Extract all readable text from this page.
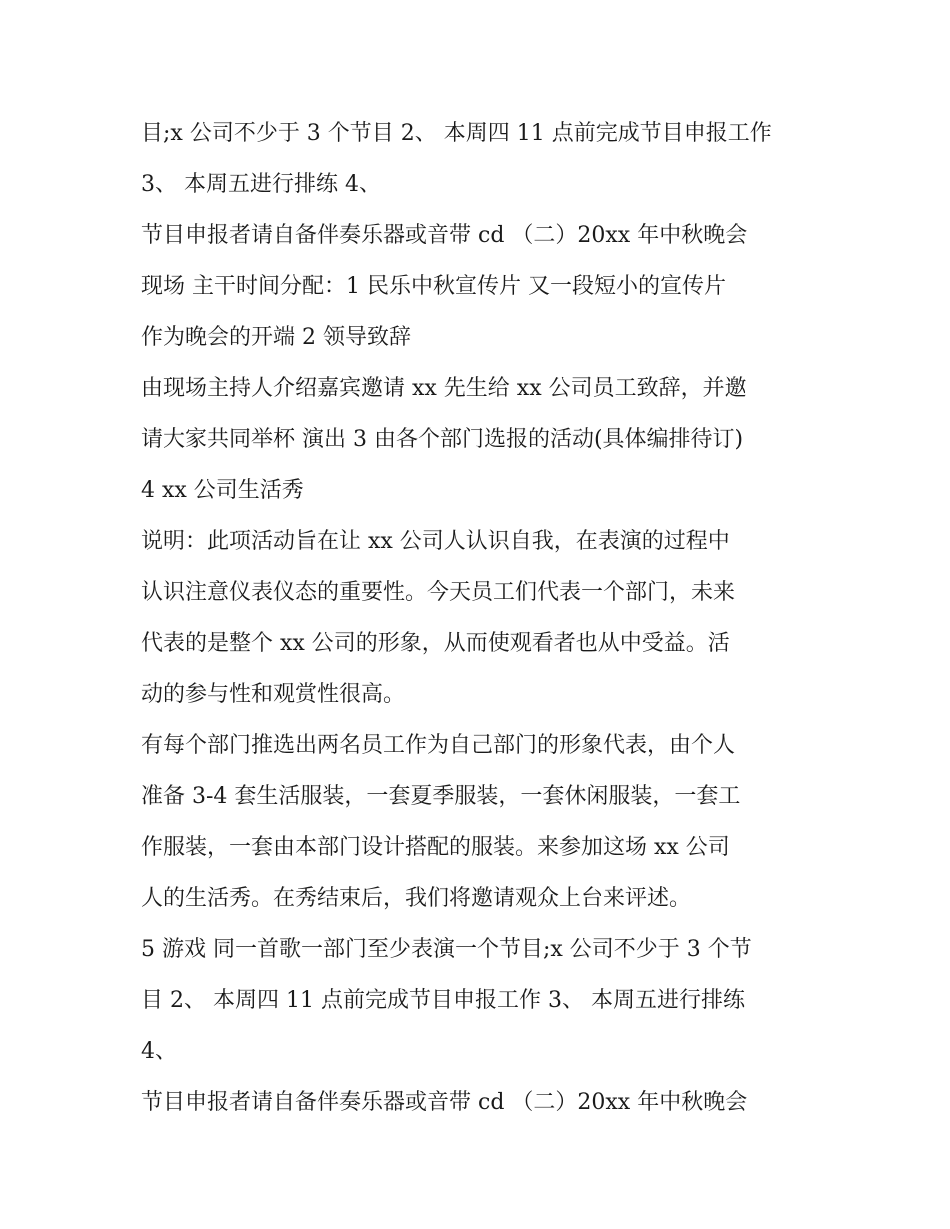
目;x 公司不少于 3 个节目 2、 本周四 11 点前完成节目申报工作
3、 本周五进行排练 4、
节目申报者请自备伴奏乐器或音带 cd （二）20xx 年中秋晚会
现场 主干时间分配：1 民乐中秋宣传片 又一段短小的宣传片
作为晚会的开端 2 领导致辞
由现场主持人介绍嘉宾邀请 xx 先生给 xx 公司员工致辞，并邀
请大家共同举杯 演出 3 由各个部门选报的活动(具体编排待订)
4 xx 公司生活秀
说明：此项活动旨在让 xx 公司人认识自我，在表演的过程中
认识注意仪表仪态的重要性。今天员工们代表一个部门，未来
代表的是整个 xx 公司的形象，从而使观看者也从中受益。活
动的参与性和观赏性很高。
有每个部门推选出两名员工作为自己部门的形象代表，由个人
准备 3-4 套生活服装，一套夏季服装，一套休闲服装，一套工
作服装，一套由本部门设计搭配的服装。来参加这场 xx 公司
人的生活秀。在秀结束后，我们将邀请观众上台来评述。
5 游戏 同一首歌一部门至少表演一个节目;x 公司不少于 3 个节
目 2、 本周四 11 点前完成节目申报工作 3、 本周五进行排练
4、
节目申报者请自备伴奏乐器或音带 cd （二）20xx 年中秋晚会
